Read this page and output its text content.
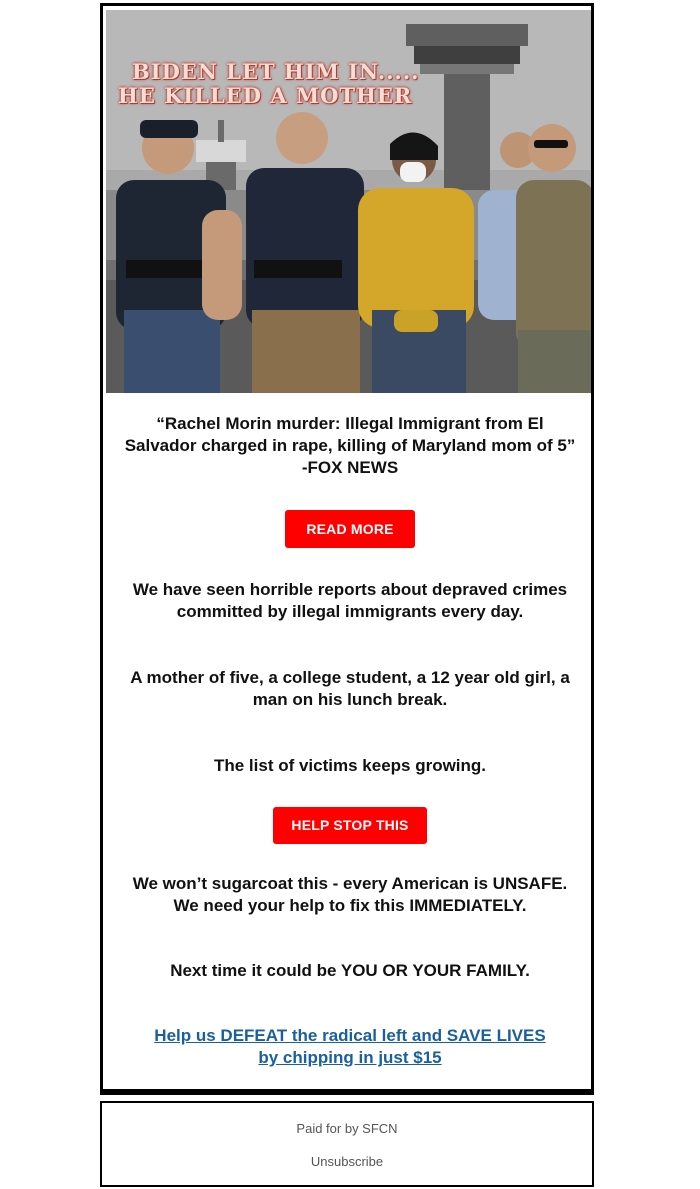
BIDEN LET HIM IN.....
HE KILLED A MOTHER
“Rachel Morin murder: Illegal Immigrant from El Salvador charged in rape, killing of Maryland mom of 5”
-FOX NEWS
READ MORE
We have seen horrible reports about depraved crimes committed by illegal immigrants every day.
A mother of five, a college student, a 12 year old girl, a man on his lunch break.
The list of victims keeps growing.
HELP STOP THIS
We won’t sugarcoat this - every American is UNSAFE.
We need your help to fix this IMMEDIATELY.
Next time it could be YOU OR YOUR FAMILY.
Help us DEFEAT the radical left and SAVE LIVES by chipping in just $15
Paid for by SFCN
Unsubscribe
